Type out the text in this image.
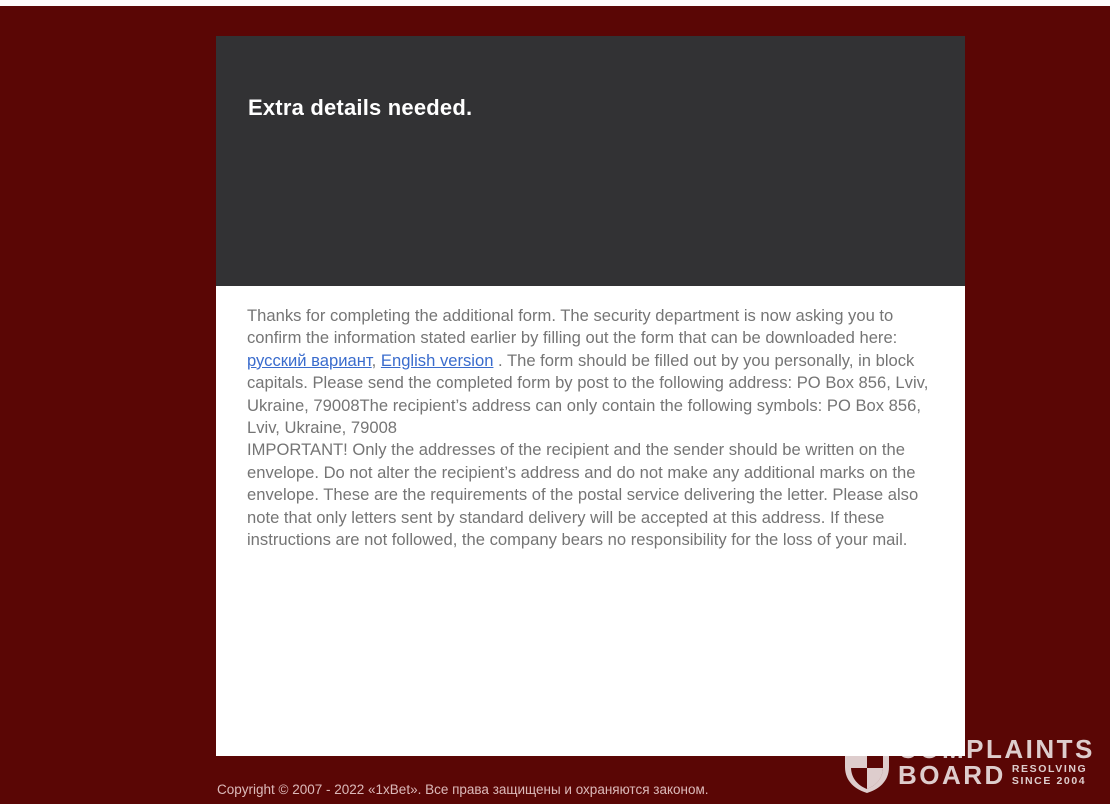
Extra details needed.

Thanks for completing the additional form. The security department is now asking you to confirm the information stated earlier by filling out the form that can be downloaded here: русский вариант, English version . The form should be filled out by you personally, in block capitals. Please send the completed form by post to the following address: PO Box 856, Lviv, Ukraine, 79008The recipient’s address can only contain the following symbols: PO Box 856, Lviv, Ukraine, 79008
IMPORTANT! Only the addresses of the recipient and the sender should be written on the envelope. Do not alter the recipient’s address and do not make any additional marks on the envelope. These are the requirements of the postal service delivering the letter. Please also note that only letters sent by standard delivery will be accepted at this address. If these instructions are not followed, the company bears no responsibility for the loss of your mail.

Copyright © 2007 - 2022 «1xBet». Все права защищены и охраняются законом.
COMPLAINTS
BOARD RESOLVING
SINCE 2004
